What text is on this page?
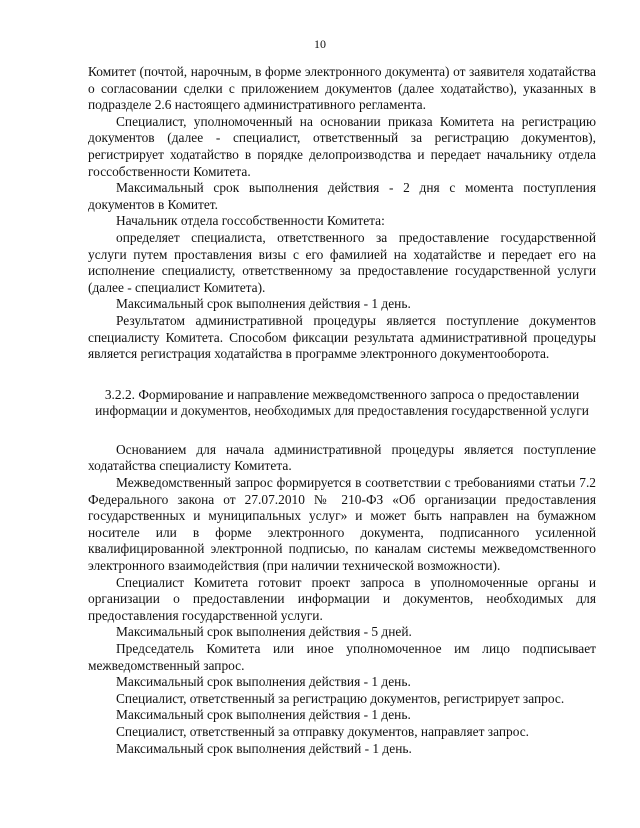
10

Комитет (почтой, нарочным, в форме электронного документа) от заявителя ходатайства о согласовании сделки с приложением документов (далее ходатайство), указанных в подразделе 2.6 настоящего административного регламента.

Специалист, уполномоченный на основании приказа Комитета на регистрацию документов (далее - специалист, ответственный за регистрацию документов), регистрирует ходатайство в порядке делопроизводства и передает начальнику отдела госсобственности Комитета.

Максимальный срок выполнения действия - 2 дня с момента поступления документов в Комитет.

Начальник отдела госсобственности Комитета:

определяет специалиста, ответственного за предоставление государственной услуги путем проставления визы с его фамилией на ходатайстве и передает его на исполнение специалисту, ответственному за предоставление государственной услуги (далее - специалист Комитета).

Максимальный срок выполнения действия - 1 день.

Результатом административной процедуры является поступление документов специалисту Комитета. Способом фиксации результата административной процедуры является регистрация ходатайства в программе электронного документооборота.

3.2.2. Формирование и направление межведомственного запроса о предоставлении информации и документов, необходимых для предоставления государственной услуги

Основанием для начала административной процедуры является поступление ходатайства специалисту Комитета.

Межведомственный запрос формируется в соответствии с требованиями статьи 7.2 Федерального закона от 27.07.2010 № 210-ФЗ «Об организации предоставления государственных и муниципальных услуг» и может быть направлен на бумажном носителе или в форме электронного документа, подписанного усиленной квалифицированной электронной подписью, по каналам системы межведомственного электронного взаимодействия (при наличии технической возможности).

Специалист Комитета готовит проект запроса в уполномоченные органы и организации о предоставлении информации и документов, необходимых для предоставления государственной услуги.

Максимальный срок выполнения действия - 5 дней.

Председатель Комитета или иное уполномоченное им лицо подписывает межведомственный запрос.

Максимальный срок выполнения действия - 1 день.

Специалист, ответственный за регистрацию документов, регистрирует запрос.

Максимальный срок выполнения действия - 1 день.

Специалист, ответственный за отправку документов, направляет запрос.

Максимальный срок выполнения действий - 1 день.
